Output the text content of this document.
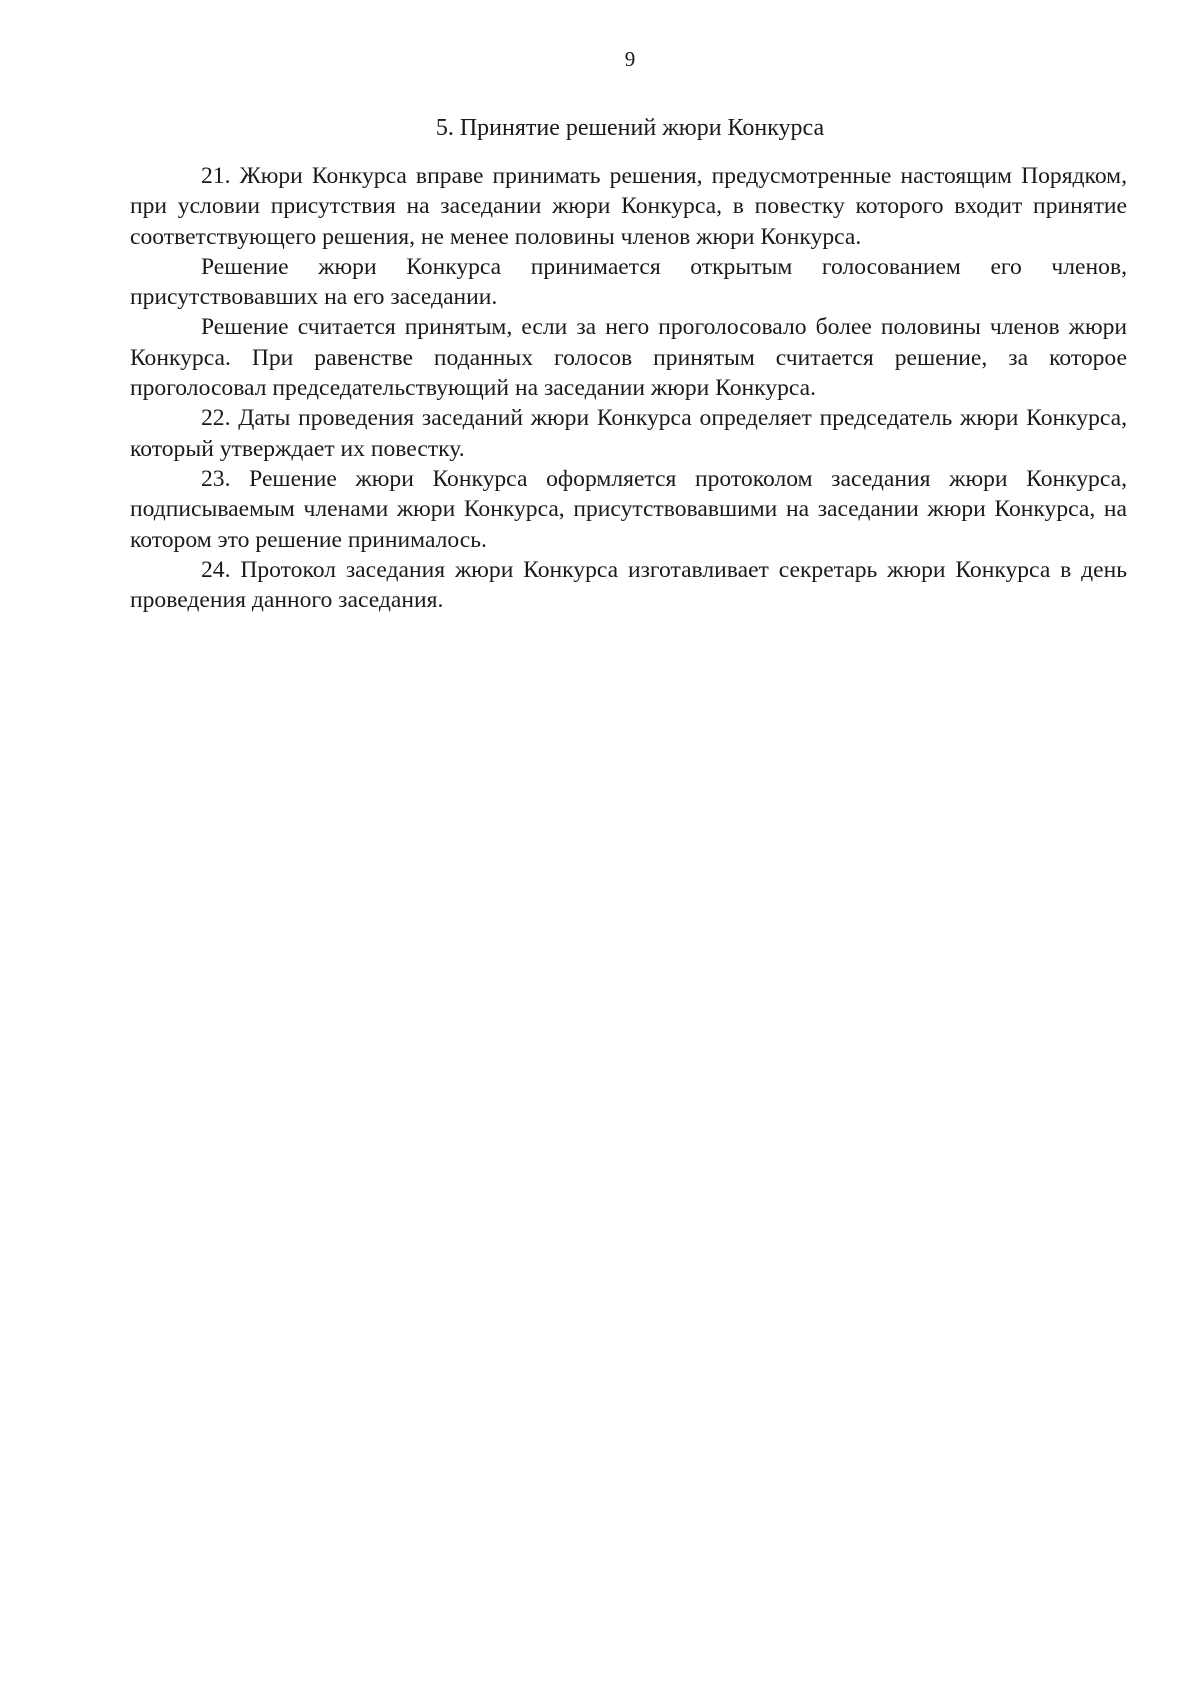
9
5. Принятие решений жюри Конкурса

21. Жюри Конкурса вправе принимать решения, предусмотренные настоящим Порядком, при условии присутствия на заседании жюри Конкурса, в повестку которого входит принятие соответствующего решения, не менее половины членов жюри Конкурса.

Решение жюри Конкурса принимается открытым голосованием его членов, присутствовавших на его заседании.

Решение считается принятым, если за него проголосовало более половины членов жюри Конкурса. При равенстве поданных голосов принятым считается решение, за которое проголосовал председательствующий на заседании жюри Конкурса.

22. Даты проведения заседаний жюри Конкурса определяет председатель жюри Конкурса, который утверждает их повестку.

23. Решение жюри Конкурса оформляется протоколом заседания жюри Конкурса, подписываемым членами жюри Конкурса, присутствовавшими на заседании жюри Конкурса, на котором это решение принималось.

24. Протокол заседания жюри Конкурса изготавливает секретарь жюри Конкурса в день проведения данного заседания.
